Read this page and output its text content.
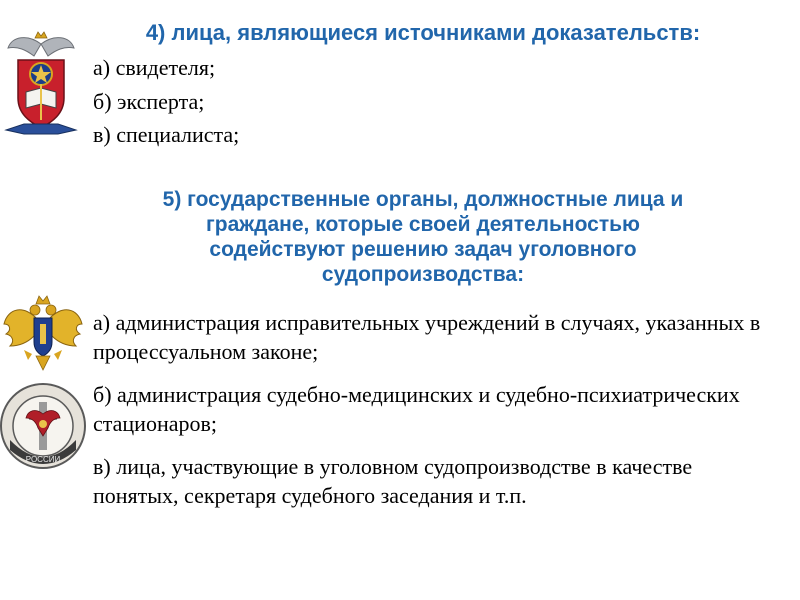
4) лица, являющиеся источниками доказательств:
а) свидетеля;
б) эксперта;
в) специалиста;
5) государственные органы, должностные лица и
граждане, которые своей деятельностью
содействуют решению задач уголовного
судопроизводства:
РОССИИ
а) администрация исправительных учреждений в случаях, указанных в процессуальном законе;
б) администрация судебно-медицинских и судебно-психиатрических стационаров;
в) лица, участвующие в уголовном судопроизводстве в качестве понятых, секретаря судебного заседания и т.п.
